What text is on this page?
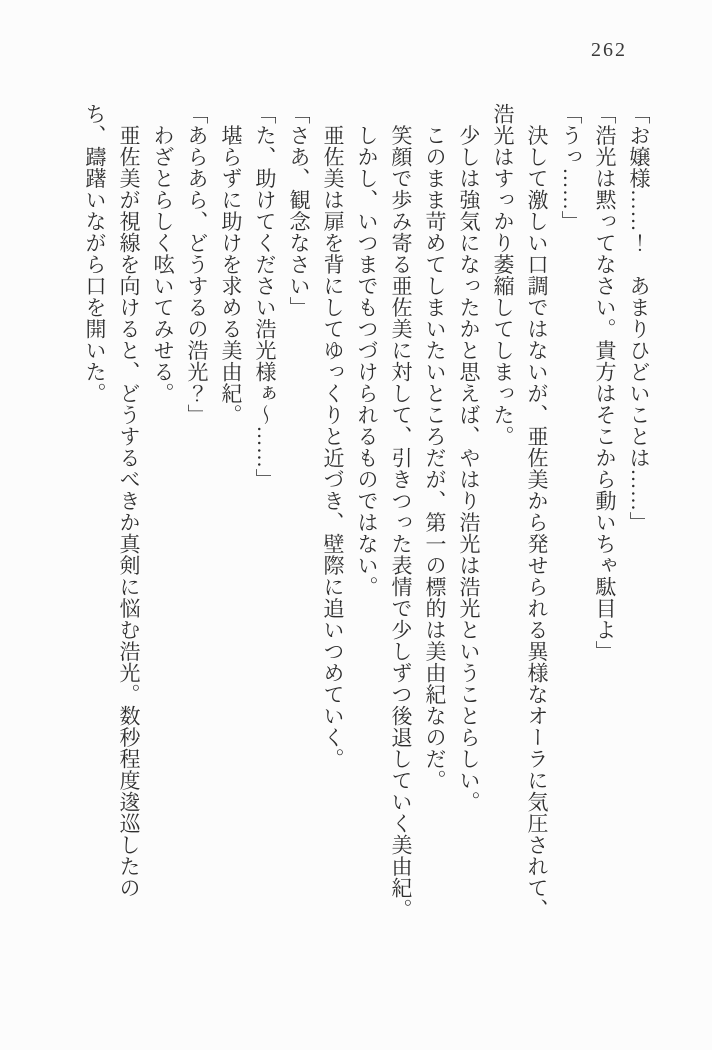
262

「お嬢様……！　あまりひどいことは……」

「浩光は黙ってなさい。貴方はそこから動いちゃ駄目よ」

「うっ……」

　決して激しい口調ではないが、亜佐美から発せられる異様なオーラに気圧されて、浩光はすっかり萎縮してしまった。

　少しは強気になったかと思えば、やはり浩光は浩光ということらしい。

　このまま苛めてしまいたいところだが、第一の標的は美由紀なのだ。

　笑顔で歩み寄る亜佐美に対して、引きつった表情で少しずつ後退していく美由紀。

　しかし、いつまでもつづけられるものではない。

　亜佐美は扉を背にしてゆっくりと近づき、壁際に追いつめていく。

「さあ、観念なさい」

「た、助けてください浩光様ぁ～……」

　堪らずに助けを求める美由紀。

「あらあら、どうするの浩光？」

　わざとらしく呟いてみせる。

　亜佐美が視線を向けると、どうするべきか真剣に悩む浩光。数秒程度逡巡したのち、躊躇いながら口を開いた。
